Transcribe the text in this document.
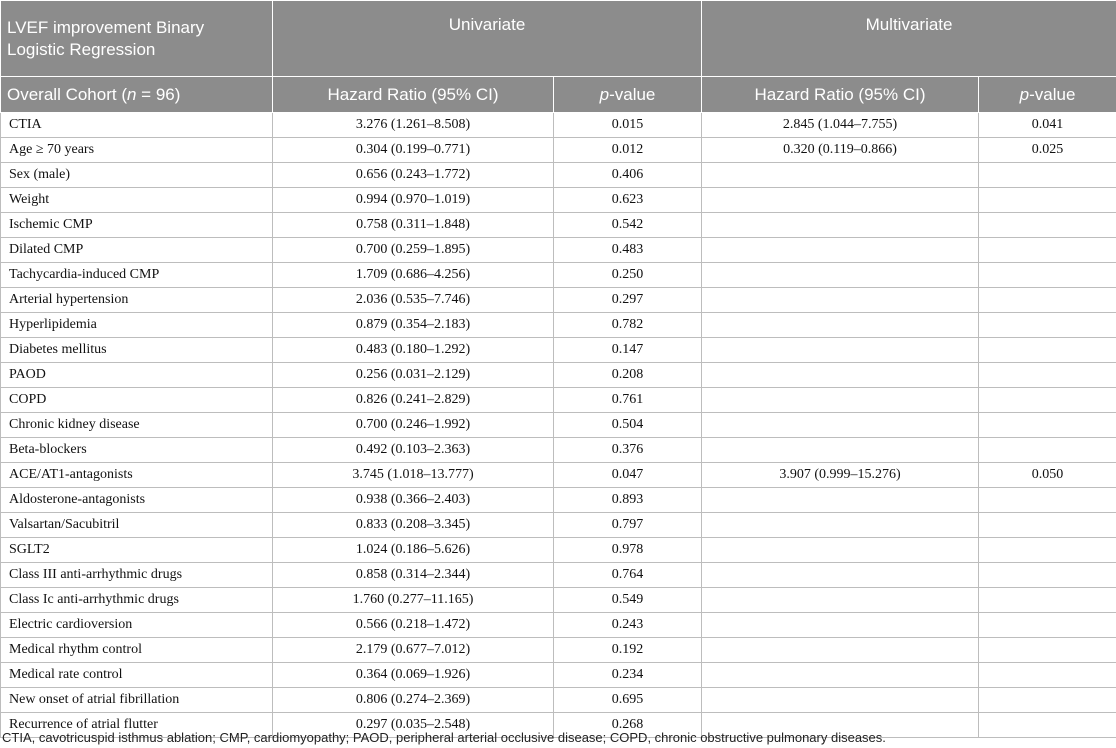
LVEF improvement Binary Logistic Regression	Univariate		Multivariate	
Overall Cohort (n = 96)	Hazard Ratio (95% CI)	p-value	Hazard Ratio (95% CI)	p-value
CTIA	3.276 (1.261–8.508)	0.015	2.845 (1.044–7.755)	0.041
Age ≥ 70 years	0.304 (0.199–0.771)	0.012	0.320 (0.119–0.866)	0.025
Sex (male)	0.656 (0.243–1.772)	0.406		
Weight	0.994 (0.970–1.019)	0.623		
Ischemic CMP	0.758 (0.311–1.848)	0.542		
Dilated CMP	0.700 (0.259–1.895)	0.483		
Tachycardia-induced CMP	1.709 (0.686–4.256)	0.250		
Arterial hypertension	2.036 (0.535–7.746)	0.297		
Hyperlipidemia	0.879 (0.354–2.183)	0.782		
Diabetes mellitus	0.483 (0.180–1.292)	0.147		
PAOD	0.256 (0.031–2.129)	0.208		
COPD	0.826 (0.241–2.829)	0.761		
Chronic kidney disease	0.700 (0.246–1.992)	0.504		
Beta-blockers	0.492 (0.103–2.363)	0.376		
ACE/AT1-antagonists	3.745 (1.018–13.777)	0.047	3.907 (0.999–15.276)	0.050
Aldosterone-antagonists	0.938 (0.366–2.403)	0.893		
Valsartan/Sacubitril	0.833 (0.208–3.345)	0.797		
SGLT2	1.024 (0.186–5.626)	0.978		
Class III anti-arrhythmic drugs	0.858 (0.314–2.344)	0.764		
Class Ic anti-arrhythmic drugs	1.760 (0.277–11.165)	0.549		
Electric cardioversion	0.566 (0.218–1.472)	0.243		
Medical rhythm control	2.179 (0.677–7.012)	0.192		
Medical rate control	0.364 (0.069–1.926)	0.234		
New onset of atrial fibrillation	0.806 (0.274–2.369)	0.695		
Recurrence of atrial flutter	0.297 (0.035–2.548)	0.268		
CTIA, cavotricuspid isthmus ablation; CMP, cardiomyopathy; PAOD, peripheral arterial occlusive disease; COPD, chronic obstructive pulmonary diseases.
